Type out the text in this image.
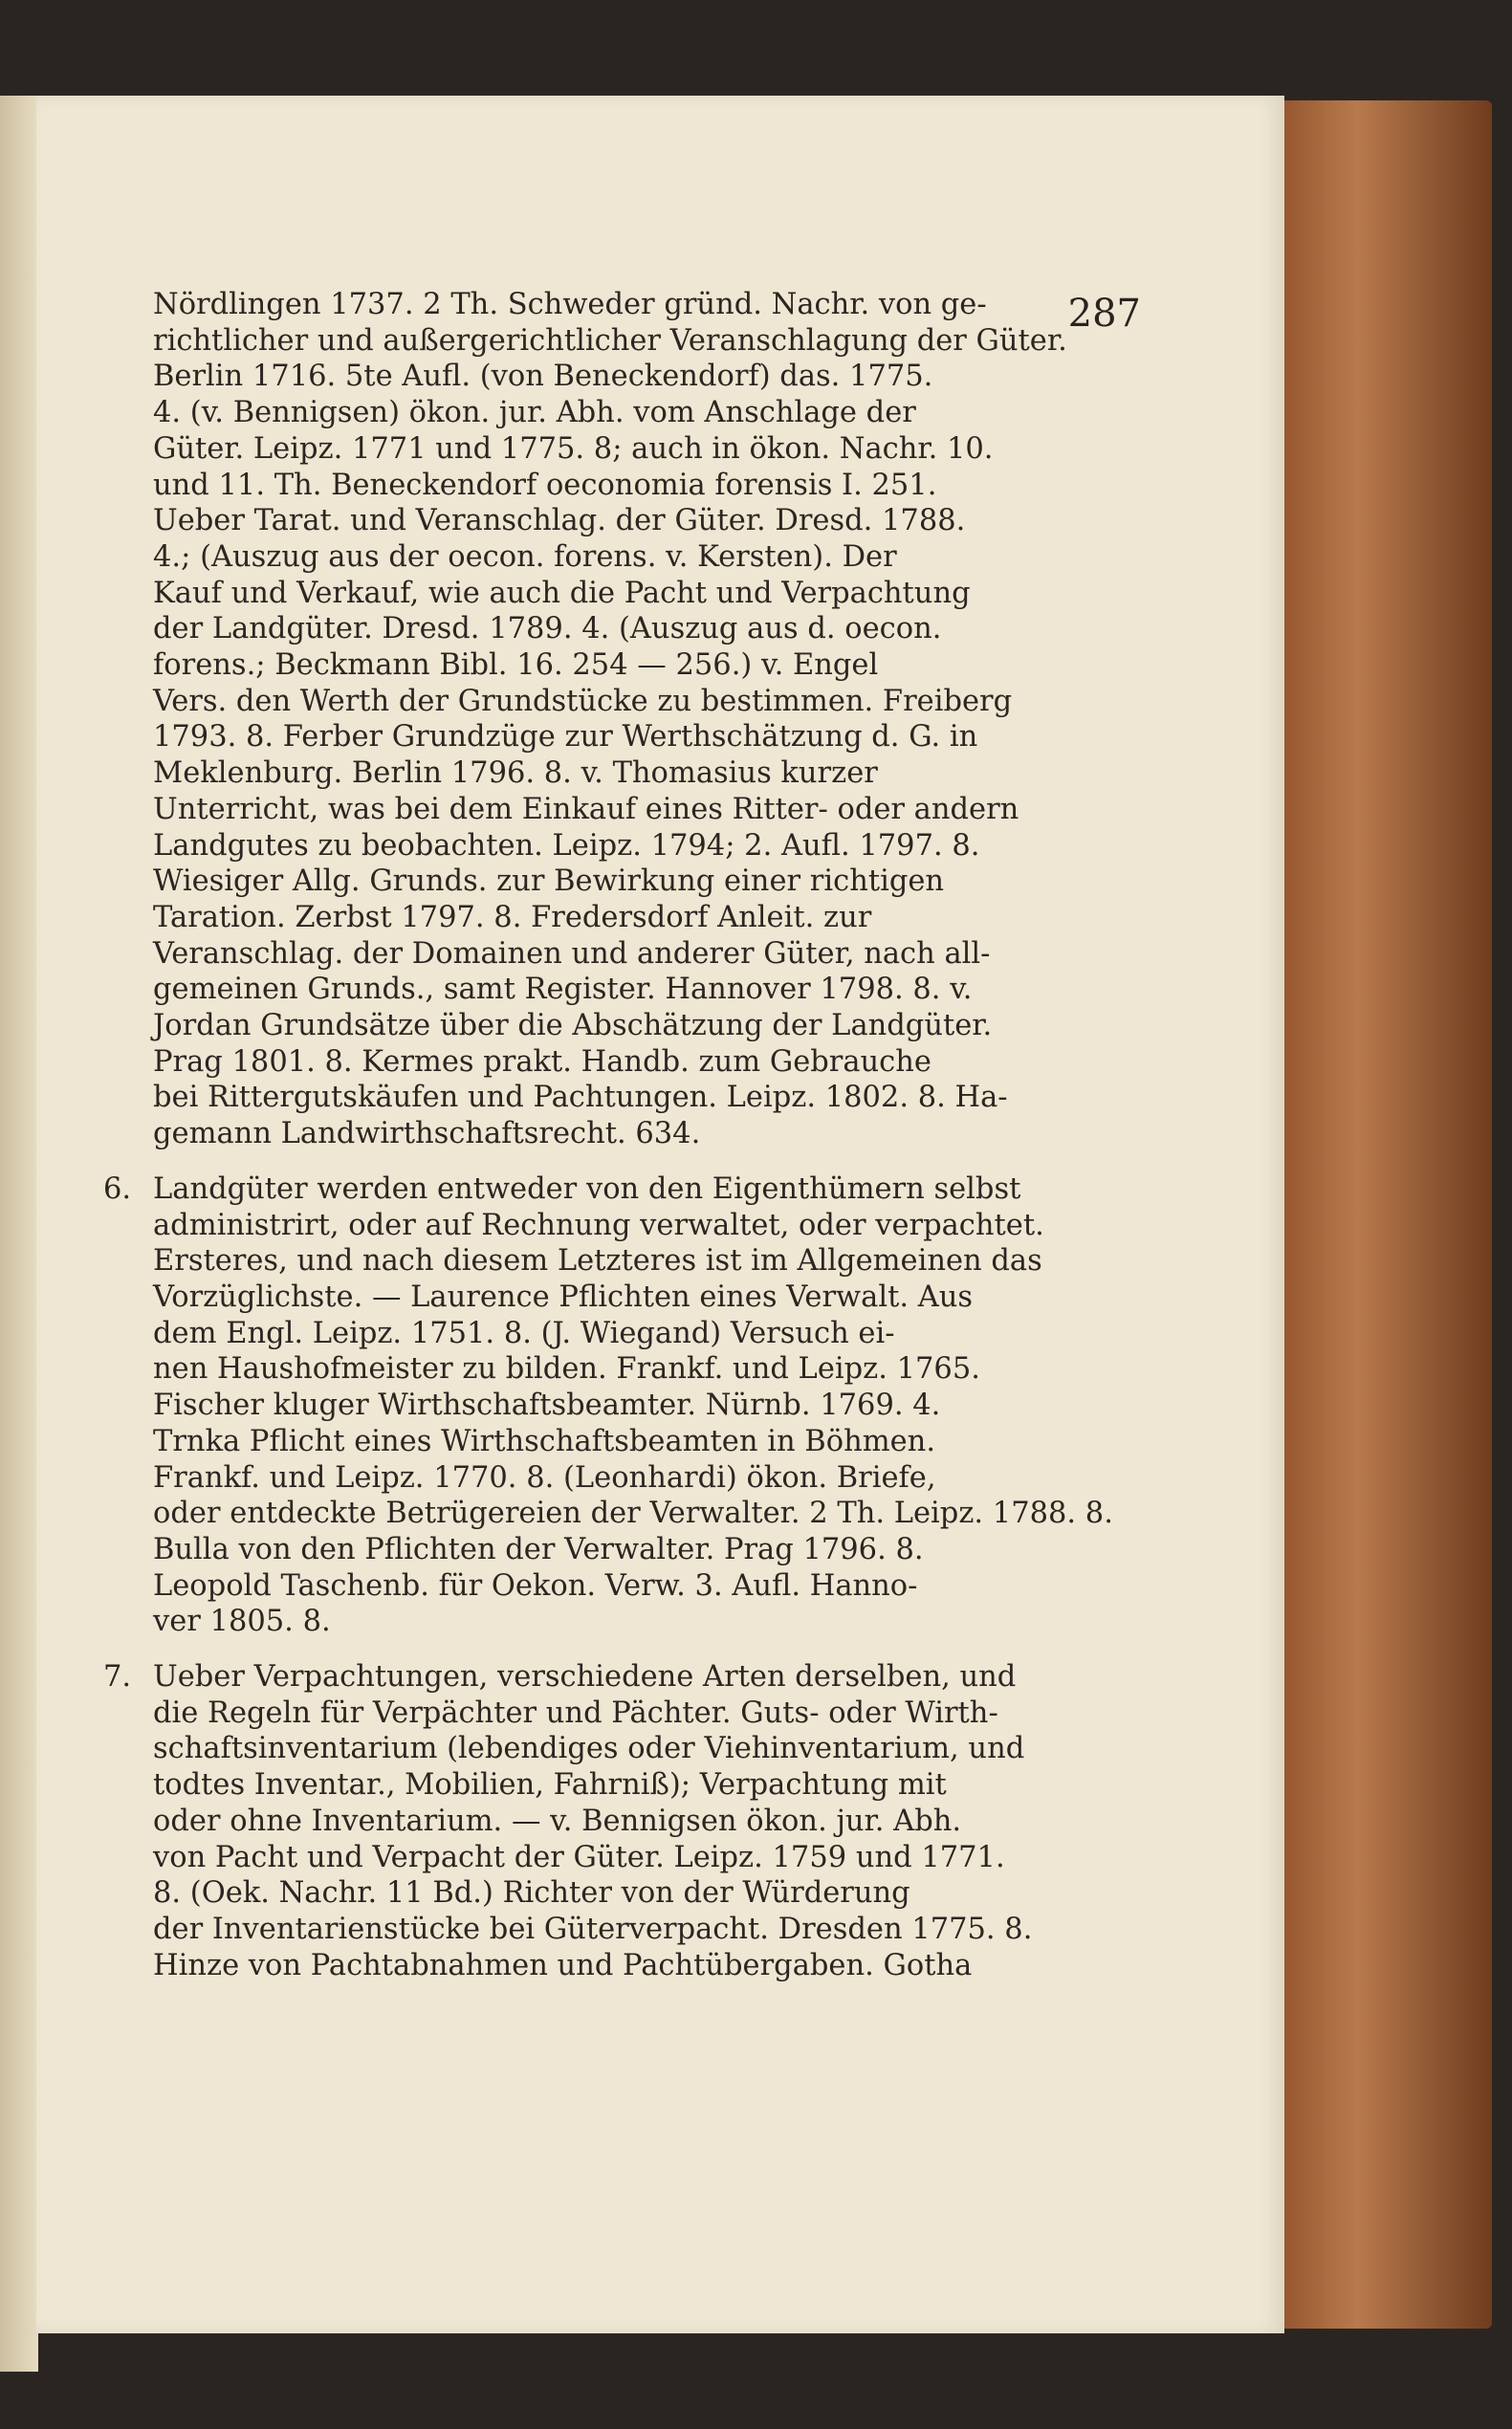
287
Nördlingen 1737. 2 Th. Schweder gründ. Nachr. von ge-
richtlicher und außergerichtlicher Veranschlagung der Güter.
Berlin 1716. 5te Aufl. (von Beneckendorf) das. 1775.
4. (v. Bennigsen) ökon. jur. Abh. vom Anschlage der
Güter. Leipz. 1771 und 1775. 8; auch in ökon. Nachr. 10.
und 11. Th. Beneckendorf oeconomia forensis I. 251.
Ueber Tarat. und Veranschlag. der Güter. Dresd. 1788.
4.; (Auszug aus der oecon. forens. v. Kersten). Der
Kauf und Verkauf, wie auch die Pacht und Verpachtung
der Landgüter. Dresd. 1789. 4. (Auszug aus d. oecon.
forens.; Beckmann Bibl. 16. 254 — 256.) v. Engel
Vers. den Werth der Grundstücke zu bestimmen. Freiberg
1793. 8. Ferber Grundzüge zur Werthschätzung d. G. in
Meklenburg. Berlin 1796. 8. v. Thomasius kurzer
Unterricht, was bei dem Einkauf eines Ritter- oder andern
Landgutes zu beobachten. Leipz. 1794; 2. Aufl. 1797. 8.
Wiesiger Allg. Grunds. zur Bewirkung einer richtigen
Taration. Zerbst 1797. 8. Fredersdorf Anleit. zur
Veranschlag. der Domainen und anderer Güter, nach all-
gemeinen Grunds., samt Register. Hannover 1798. 8. v.
Jordan Grundsätze über die Abschätzung der Landgüter.
Prag 1801. 8. Kermes prakt. Handb. zum Gebrauche
bei Rittergutskäufen und Pachtungen. Leipz. 1802. 8. Ha-
gemann Landwirthschaftsrecht. 634.
6. Landgüter werden entweder von den Eigenthümern selbst
administrirt, oder auf Rechnung verwaltet, oder verpachtet.
Ersteres, und nach diesem Letzteres ist im Allgemeinen das
Vorzüglichste. — Laurence Pflichten eines Verwalt. Aus
dem Engl. Leipz. 1751. 8. (J. Wiegand) Versuch ei-
nen Haushofmeister zu bilden. Frankf. und Leipz. 1765.
Fischer kluger Wirthschaftsbeamter. Nürnb. 1769. 4.
Trnka Pflicht eines Wirthschaftsbeamten in Böhmen.
Frankf. und Leipz. 1770. 8. (Leonhardi) ökon. Briefe,
oder entdeckte Betrügereien der Verwalter. 2 Th. Leipz. 1788. 8.
Bulla von den Pflichten der Verwalter. Prag 1796. 8.
Leopold Taschenb. für Oekon. Verw. 3. Aufl. Hanno-
ver 1805. 8.
7. Ueber Verpachtungen, verschiedene Arten derselben, und
die Regeln für Verpächter und Pächter. Guts- oder Wirth-
schaftsinventarium (lebendiges oder Viehinventarium, und
todtes Inventar., Mobilien, Fahrniß); Verpachtung mit
oder ohne Inventarium. — v. Bennigsen ökon. jur. Abh.
von Pacht und Verpacht der Güter. Leipz. 1759 und 1771.
8. (Oek. Nachr. 11 Bd.) Richter von der Würderung
der Inventarienstücke bei Güterverpacht. Dresden 1775. 8.
Hinze von Pachtabnahmen und Pachtübergaben. Gotha
